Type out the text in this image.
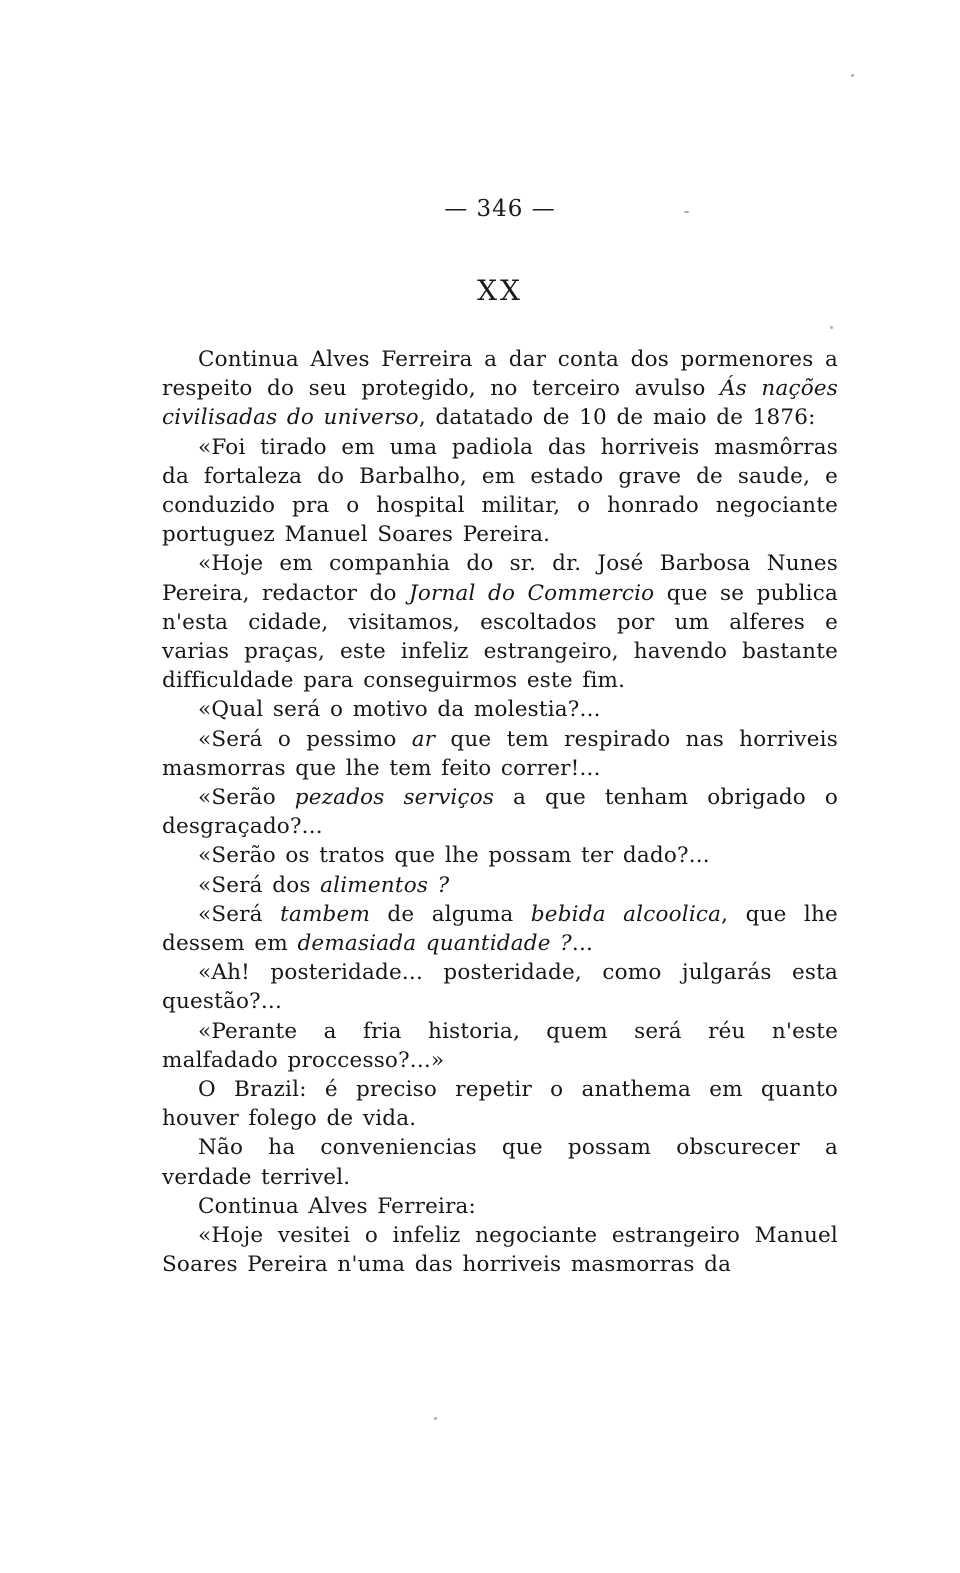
— 346 —
XX

Continua Alves Ferreira a dar conta dos pormenores a respeito do seu protegido, no terceiro avulso Ás nações civilisadas do universo, datatado de 10 de maio de 1876:

«Foi tirado em uma padiola das horriveis masmôrras da fortaleza do Barbalho, em estado grave de saude, e conduzido pra o hospital militar, o honrado negociante portuguez Manuel Soares Pereira.

«Hoje em companhia do sr. dr. José Barbosa Nunes Pereira, redactor do Jornal do Commercio que se publica n'esta cidade, visitamos, escoltados por um alferes e varias praças, este infeliz estrangeiro, havendo bastante difficuldade para conseguirmos este fim.

«Qual será o motivo da molestia?...

«Será o pessimo ar que tem respirado nas horriveis masmorras que lhe tem feito correr!...

«Serão pezados serviços a que tenham obrigado o desgraçado?...

«Serão os tratos que lhe possam ter dado?...

«Será dos alimentos ?

«Será tambem de alguma bebida alcoolica, que lhe dessem em demasiada quantidade ?...

«Ah! posteridade... posteridade, como julgarás esta questão?...

«Perante a fria historia, quem será réu n'este malfadado proccesso?...»

O Brazil: é preciso repetir o anathema em quanto houver folego de vida.

Não ha conveniencias que possam obscurecer a verdade terrivel.

Continua Alves Ferreira:

«Hoje vesitei o infeliz negociante estrangeiro Manuel Soares Pereira n'uma das horriveis masmorras da
